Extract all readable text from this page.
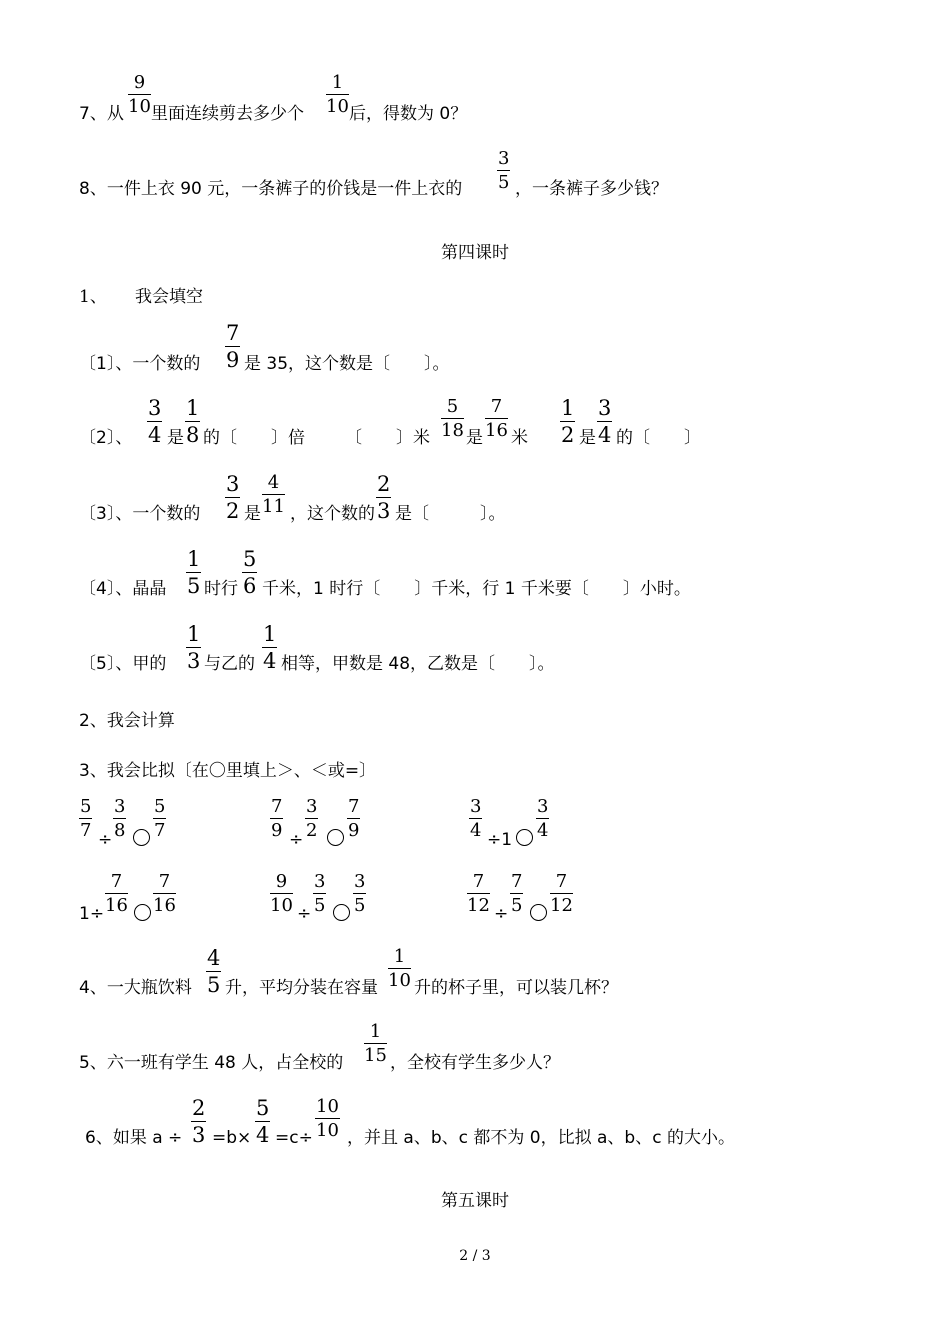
7、从 $\frac{9}{10}$ 里面连续剪去多少个 $\frac{1}{10}$ 后，得数为 0？
8、一件上衣 90 元，一条裤子的价钱是一件上衣的 $\frac{3}{5}$ ，一条裤子多少钱？
第四课时
1、 我会填空
〔1〕、一个数的 $\frac{7}{9}$ 是 35，这个数是〔　　〕。
〔2〕、 $\frac{3}{4}$ 是 $\frac{1}{8}$ 的〔　　〕倍 〔　　〕米 $\frac{5}{18}$ 是 $\frac{7}{16}$ 米 $\frac{1}{2}$ 是 $\frac{3}{4}$ 的〔　　〕
〔3〕、一个数的 $\frac{3}{2}$ 是 $\frac{4}{11}$ ，这个数的 $\frac{2}{3}$ 是〔　　　〕。
〔4〕、晶晶 $\frac{1}{5}$ 时行 $\frac{5}{6}$ 千米，1 时行〔　　〕千米，行 1 千米要〔　　〕小时。
〔5〕、甲的 $\frac{1}{3}$ 与乙的 $\frac{1}{4}$ 相等，甲数是 48，乙数是〔　　〕。
2、我会计算
3、我会比拟〔在〇里填上＞、＜或=〕
$\frac{5}{7} \div \frac{3}{8} \frac{5}{7}$	$\frac{7}{9} \div \frac{3}{2} \frac{7}{9}$	$\frac{3}{4} \div 1 \frac{3}{4}$
$1\div \frac{7}{16} \frac{7}{16}$	$\frac{9}{10} \div \frac{3}{5} \frac{3}{5}$	$\frac{7}{12} \div \frac{7}{5} \frac{7}{12}$
4、一大瓶饮料 $\frac{4}{5}$ 升，平均分装在容量 $\frac{1}{10}$ 升的杯子里，可以装几杯？
5、六一班有学生 48 人，占全校的 $\frac{1}{15}$ ，全校有学生多少人？
6、如果 $a \div \frac{2}{3} =b\times \frac{5}{4} =c\div \frac{10}{10}$ ，并且 a、b、c 都不为 0，比拟 a、b、c 的大小。
第五课时
2 / 3
